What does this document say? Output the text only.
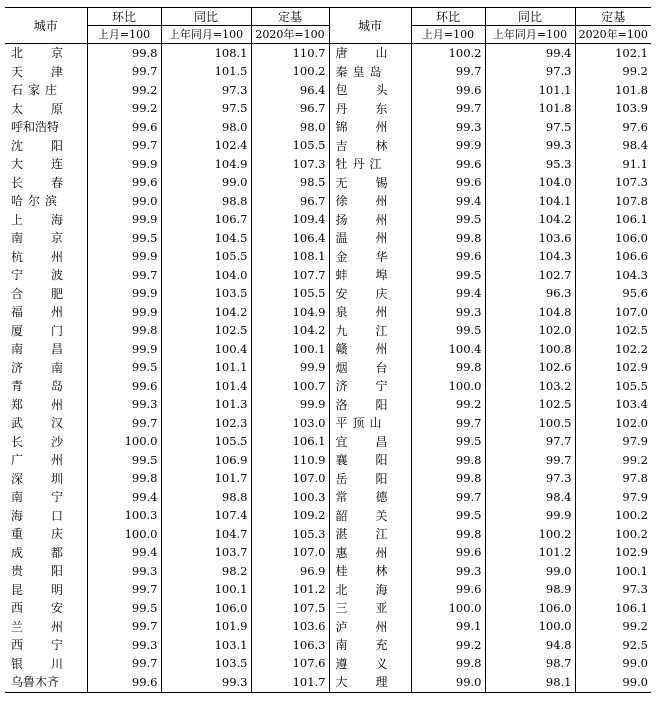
城市	环比	同比	定基	城市	环比	同比	定基
	上月=100	上年同月=100	2020年=100		上月=100	上年同月=100	2020年=100
北京	99.8	108.1	110.7	唐山	100.2	99.4	102.1
天津	99.7	101.5	100.2	秦皇岛	99.7	97.3	99.2
石家庄	99.2	97.3	96.4	包头	99.6	101.1	101.8
太原	99.2	97.5	96.7	丹东	99.7	101.8	103.9
呼和浩特	99.6	98.0	98.0	锦州	99.3	97.5	97.6
沈阳	99.7	102.4	105.5	吉林	99.9	99.3	98.4
大连	99.9	104.9	107.3	牡丹江	99.6	95.3	91.1
长春	99.6	99.0	98.5	无锡	99.6	104.0	107.3
哈尔滨	99.0	98.8	96.7	徐州	99.4	104.1	107.8
上海	99.9	106.7	109.4	扬州	99.5	104.2	106.1
南京	99.5	104.5	106.4	温州	99.8	103.6	106.0
杭州	99.9	105.5	108.1	金华	99.6	104.3	106.6
宁波	99.7	104.0	107.7	蚌埠	99.5	102.7	104.3
合肥	99.9	103.5	105.5	安庆	99.4	96.3	95.6
福州	99.9	104.2	104.9	泉州	99.3	104.8	107.0
厦门	99.8	102.5	104.2	九江	99.5	102.0	102.5
南昌	99.9	100.4	100.1	赣州	100.4	100.8	102.2
济南	99.5	101.1	99.9	烟台	99.8	102.6	102.9
青岛	99.6	101.4	100.7	济宁	100.0	103.2	105.5
郑州	99.3	101.3	99.9	洛阳	99.2	102.5	103.4
武汉	99.7	102.3	103.0	平顶山	99.7	100.5	102.0
长沙	100.0	105.5	106.1	宜昌	99.5	97.7	97.9
广州	99.5	106.9	110.9	襄阳	99.8	99.7	99.2
深圳	99.8	101.7	107.0	岳阳	99.8	97.3	97.8
南宁	99.4	98.8	100.3	常德	99.7	98.4	97.9
海口	100.3	107.4	109.2	韶关	99.5	99.9	100.2
重庆	100.0	104.7	105.3	湛江	99.8	100.2	100.2
成都	99.4	103.7	107.0	惠州	99.6	101.2	102.9
贵阳	99.3	98.2	96.9	桂林	99.3	99.0	100.1
昆明	99.7	100.1	101.2	北海	99.6	98.9	97.3
西安	99.5	106.0	107.5	三亚	100.0	106.0	106.1
兰州	99.7	101.9	103.6	泸州	99.1	100.0	99.2
西宁	99.3	103.1	106.3	南充	99.2	94.8	92.5
银川	99.7	103.5	107.6	遵义	99.8	98.7	99.0
乌鲁木齐	99.6	99.3	101.7	大理	99.0	98.1	99.0
